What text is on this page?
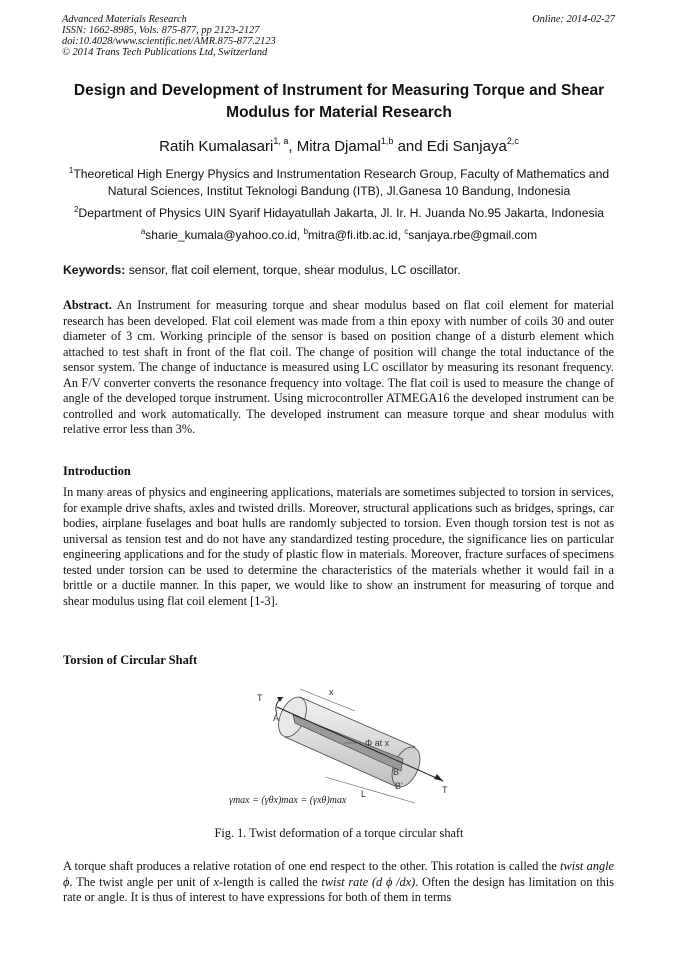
Advanced Materials Research
ISSN: 1662-8985, Vols. 875-877, pp 2123-2127
doi:10.4028/www.scientific.net/AMR.875-877.2123
© 2014 Trans Tech Publications Ltd, Switzerland
Online: 2014-02-27
Design and Development of Instrument for Measuring Torque and Shear
Modulus for Material Research
Ratih Kumalasari$^{1, a}$, Mitra Djamal$^{1,b}$ and Edi Sanjaya$^{2,c}$
$^1$Theoretical High Energy Physics and Instrumentation Research Group, Faculty of Mathematics and Natural Sciences, Institut Teknologi Bandung (ITB), Jl.Ganesa 10 Bandung, Indonesia
$^2$Department of Physics UIN Syarif Hidayatullah Jakarta, Jl. Ir. H. Juanda No.95 Jakarta, Indonesia
$^a$sharie_kumala@yahoo.co.id, $^b$mitra@fi.itb.ac.id, $^c$sanjaya.rbe@gmail.com
Keywords: sensor, flat coil element, torque, shear modulus, LC oscillator.
Abstract. An Instrument for measuring torque and shear modulus based on flat coil element for material research has been developed. Flat coil element was made from a thin epoxy with number of coils 30 and outer diameter of 3 cm. Working principle of the sensor is based on position change of a disturb element which attached to test shaft in front of the flat coil. The change of position will change the total inductance of the sensor system. The change of inductance is measured using LC oscillator by measuring its resonant frequency. An F/V converter converts the resonance frequency into voltage. The flat coil is used to measure the change of angle of the developed torque instrument. Using microcontroller ATMEGA16 the developed instrument can be controlled and work automatically. The developed instrument can measure torque and shear modulus with relative error less than 3%.
Introduction
In many areas of physics and engineering applications, materials are sometimes subjected to torsion in services, for example drive shafts, axles and twisted drills. Moreover, structural applications such as bridges, springs, car bodies, airplane fuselages and boat hulls are randomly subjected to torsion. Even though torsion test is not as universal as tension test and do not have any standardized testing procedure, the significance lies on particular engineering applications and for the study of plastic flow in materials. Moreover, fracture surfaces of specimens tested under torsion can be used to determine the characteristics of the materials whether it would fail in a brittle or a ductile manner. In this paper, we would like to show an instrument for measuring of torque and shear modulus using flat coil element [1-3].
Torsion of Circular Shaft
T
A
x
Φ at x
L	T
B
B'
γmax = (γθx)max = (γxθ)max
Fig. 1. Twist deformation of a torque circular shaft
A torque shaft produces a relative rotation of one end respect to the other. This rotation is called the twist angle ϕ. The twist angle per unit of x-length is called the twist rate (d ϕ /dx). Often the design has limitation on this rate or angle. It is thus of interest to have expressions for both of them in terms
